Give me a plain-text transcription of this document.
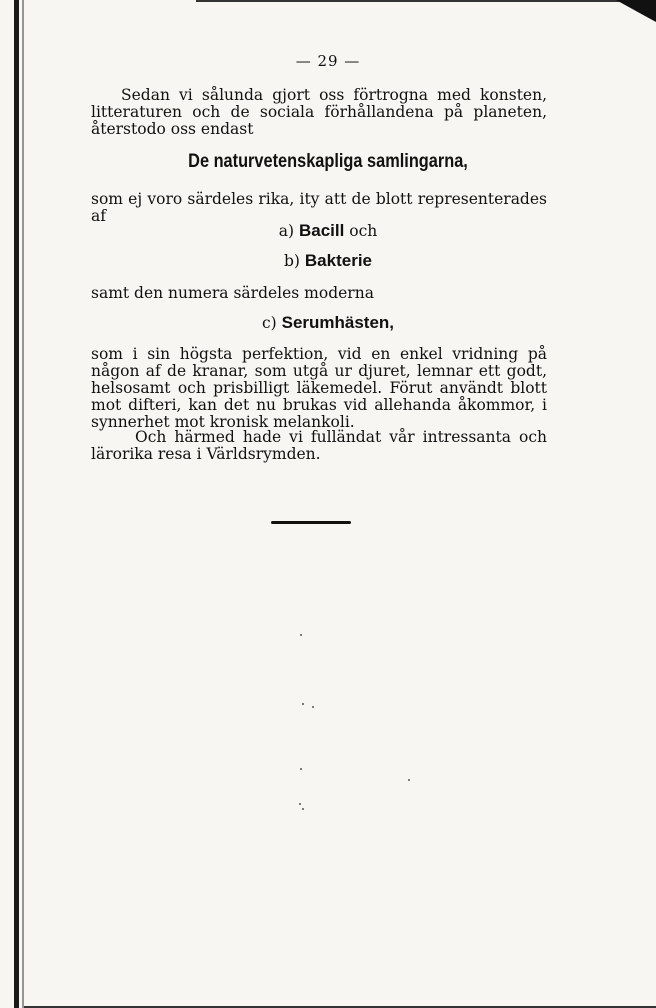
— 29 —
Sedan vi sålunda gjort oss förtrogna med konsten, litteraturen och de sociala förhållandena på planeten, återstodo oss endast
De naturvetenskapliga samlingarna,
som ej voro särdeles rika, ity att de blott representerades af
a) Bacill och
b) Bakterie
samt den numera särdeles moderna
c) Serumhästen,
som i sin högsta perfektion, vid en enkel vridning på någon af de kranar, som utgå ur djuret, lemnar ett godt, helsosamt och prisbilligt läkemedel. Förut användt blott mot difteri, kan det nu brukas vid allehanda åkommor, i synnerhet mot kronisk melankoli.
Och härmed hade vi fulländat vår intressanta och lärorika resa i Världsrymden.
